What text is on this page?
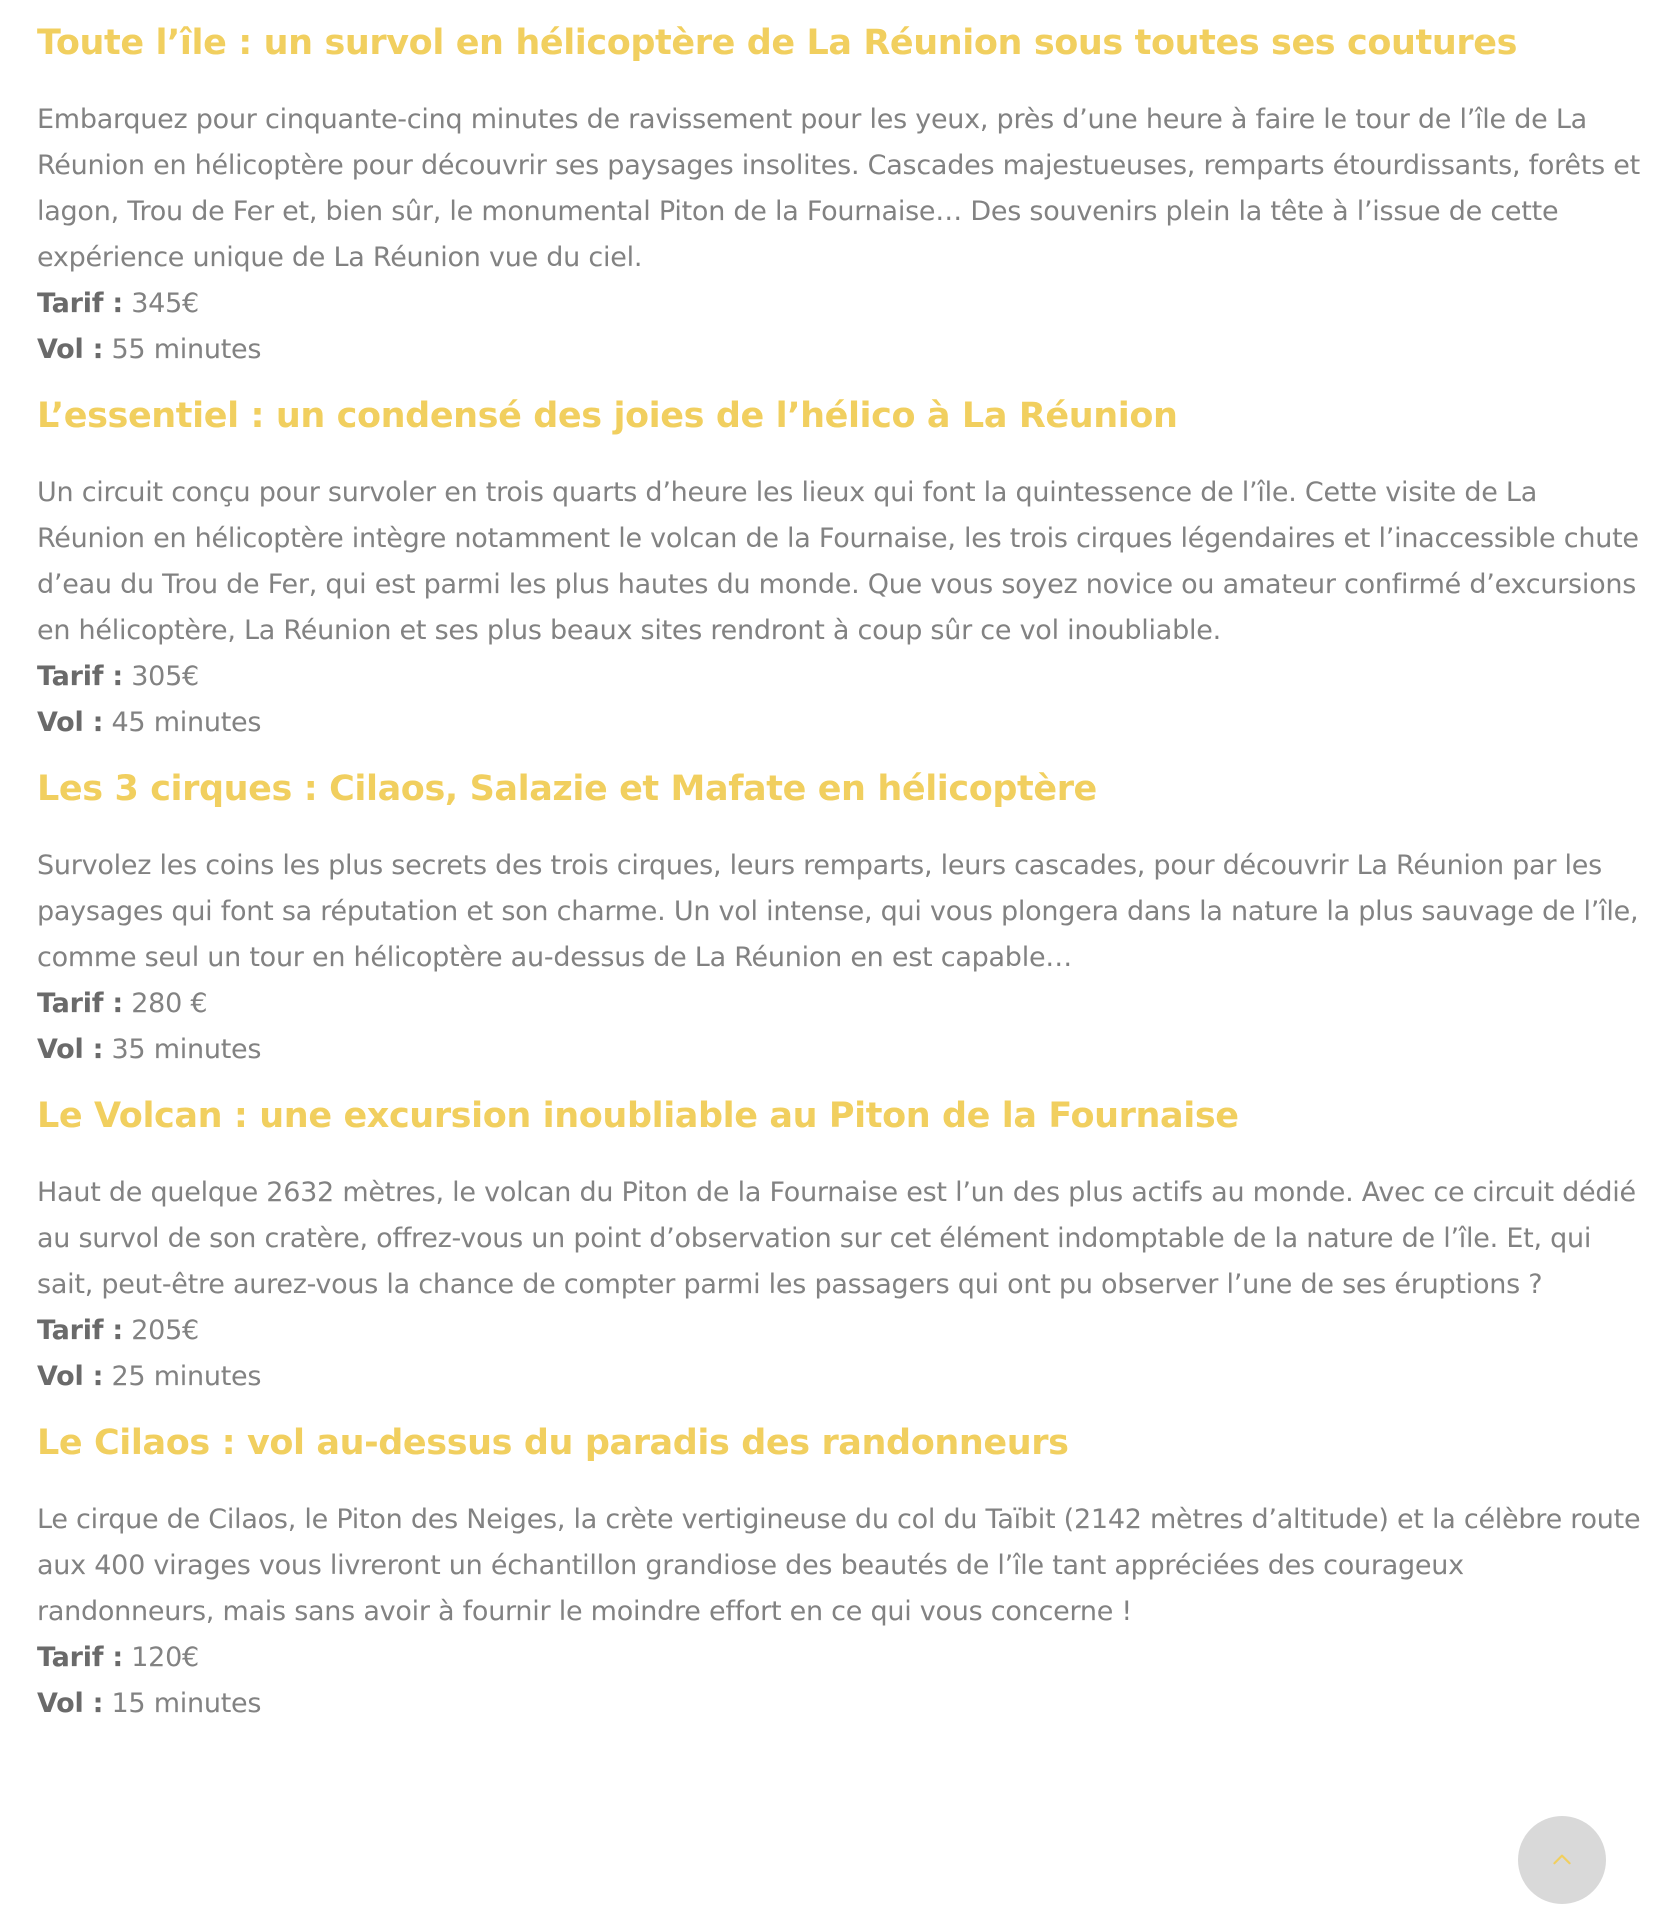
Toute l’île : un survol en hélicoptère de La Réunion sous toutes ses coutures

Embarquez pour cinquante-cinq minutes de ravissement pour les yeux, près d’une heure à faire le tour de l’île de La Réunion en hélicoptère pour découvrir ses paysages insolites. Cascades majestueuses, remparts étourdissants, forêts et lagon, Trou de Fer et, bien sûr, le monumental Piton de la Fournaise… Des souvenirs plein la tête à l’issue de cette expérience unique de La Réunion vue du ciel.

Tarif : 345€

Vol : 55 minutes

L’essentiel : un condensé des joies de l’hélico à La Réunion

Un circuit conçu pour survoler en trois quarts d’heure les lieux qui font la quintessence de l’île. Cette visite de La Réunion en hélicoptère intègre notamment le volcan de la Fournaise, les trois cirques légendaires et l’inaccessible chute d’eau du Trou de Fer, qui est parmi les plus hautes du monde. Que vous soyez novice ou amateur confirmé d’excursions en hélicoptère, La Réunion et ses plus beaux sites rendront à coup sûr ce vol inoubliable.

Tarif : 305€

Vol : 45 minutes

Les 3 cirques : Cilaos, Salazie et Mafate en hélicoptère

Survolez les coins les plus secrets des trois cirques, leurs remparts, leurs cascades, pour découvrir La Réunion par les paysages qui font sa réputation et son charme. Un vol intense, qui vous plongera dans la nature la plus sauvage de l’île, comme seul un tour en hélicoptère au-dessus de La Réunion en est capable…

Tarif : 280 €

Vol : 35 minutes

Le Volcan : une excursion inoubliable au Piton de la Fournaise

Haut de quelque 2632 mètres, le volcan du Piton de la Fournaise est l’un des plus actifs au monde. Avec ce circuit dédié au survol de son cratère, offrez-vous un point d’observation sur cet élément indomptable de la nature de l’île. Et, qui sait, peut-être aurez-vous la chance de compter parmi les passagers qui ont pu observer l’une de ses éruptions ?

Tarif : 205€

Vol : 25 minutes

Le Cilaos : vol au-dessus du paradis des randonneurs

Le cirque de Cilaos, le Piton des Neiges, la crète vertigineuse du col du Taïbit (2142 mètres d’altitude) et la célèbre route aux 400 virages vous livreront un échantillon grandiose des beautés de l’île tant appréciées des courageux randonneurs, mais sans avoir à fournir le moindre effort en ce qui vous concerne !

Tarif : 120€

Vol : 15 minutes
